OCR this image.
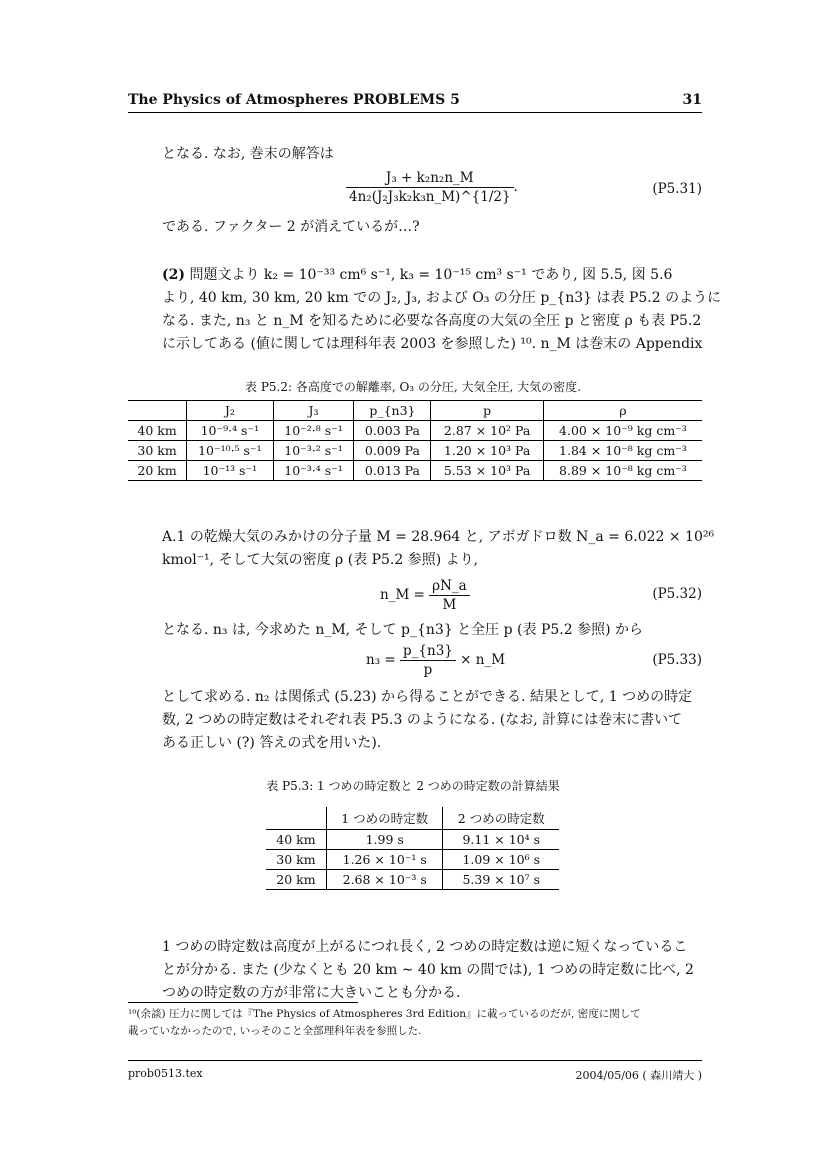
The Physics of Atmospheres PROBLEMS 5	31
となる. なお, 巻末の解答は
$\frac{\text{J₃ + k₂n₂n\_M}}{\text{4n₂(J₂J₃k₂k₃n\_M)\textasciicircum{}\{1/2\}}}$ .	(P5.31)
である. ファクター 2 が消えているが…?
(2) 問題文より k₂ = 10⁻³³ cm⁶ s⁻¹, k₃ = 10⁻¹⁵ cm³ s⁻¹ であり, 図 5.5, 図 5.6
より, 40 km, 30 km, 20 km での J₂, J₃, および O₃ の分圧 p_{n3} は表 P5.2 のように
なる. また, n₃ と n_M を知るために必要な各高度の大気の全圧 p と密度 ρ も表 P5.2
に示してある (値に関しては理科年表 2003 を参照した) ¹⁰. n_M は巻末の Appendix
表 P5.2: 各高度での解離率, O₃ の分圧, 大気全圧, 大気の密度.
	J₂	J₃	p_{n3}	p	ρ
40 km	10⁻⁹·⁴ s⁻¹	10⁻²·⁸ s⁻¹	0.003 Pa	2.87 × 10² Pa	4.00 × 10⁻⁹ kg cm⁻³
30 km	10⁻¹⁰·⁵ s⁻¹	10⁻³·² s⁻¹	0.009 Pa	1.20 × 10³ Pa	1.84 × 10⁻⁸ kg cm⁻³
20 km	10⁻¹³ s⁻¹	10⁻³·⁴ s⁻¹	0.013 Pa	5.53 × 10³ Pa	8.89 × 10⁻⁸ kg cm⁻³
A.1 の乾燥大気のみかけの分子量 M = 28.964 と, アボガドロ数 N_a = 6.022 × 10²⁶
kmol⁻¹, そして大気の密度 ρ (表 P5.2 参照) より,
n_M = $\frac{\rho N\_a}{M}$	(P5.32)
となる. n₃ は, 今求めた n_M, そして p_{n3} と全圧 p (表 P5.2 参照) から
$n_3 = \frac{p\_\{n3\}}{p}$ × n_M	(P5.33)
として求める. n₂ は関係式 (5.23) から得ることができる. 結果として, 1 つめの時定
数, 2 つめの時定数はそれぞれ表 P5.3 のようになる. (なお, 計算には巻末に書いて
ある正しい (?) 答えの式を用いた).
表 P5.3: 1 つめの時定数と 2 つめの時定数の計算結果
	1 つめの時定数	2 つめの時定数
40 km	1.99 s	9.11 × 10⁴ s
30 km	1.26 × 10⁻¹ s	1.09 × 10⁶ s
20 km	2.68 × 10⁻³ s	5.39 × 10⁷ s
1 つめの時定数は高度が上がるにつれ長く, 2 つめの時定数は逆に短くなっているこ
とが分かる. また (少なくとも 20 km ∼ 40 km の間では), 1 つめの時定数に比べ, 2
つめの時定数の方が非常に大きいことも分かる.
¹⁰(余談) 圧力に関しては『The Physics of Atmospheres 3rd Edition』に載っているのだが, 密度に関して
載っていなかったので, いっそのこと全部理科年表を参照した.
prob0513.tex	2004/05/06 ( 森川靖大 )
